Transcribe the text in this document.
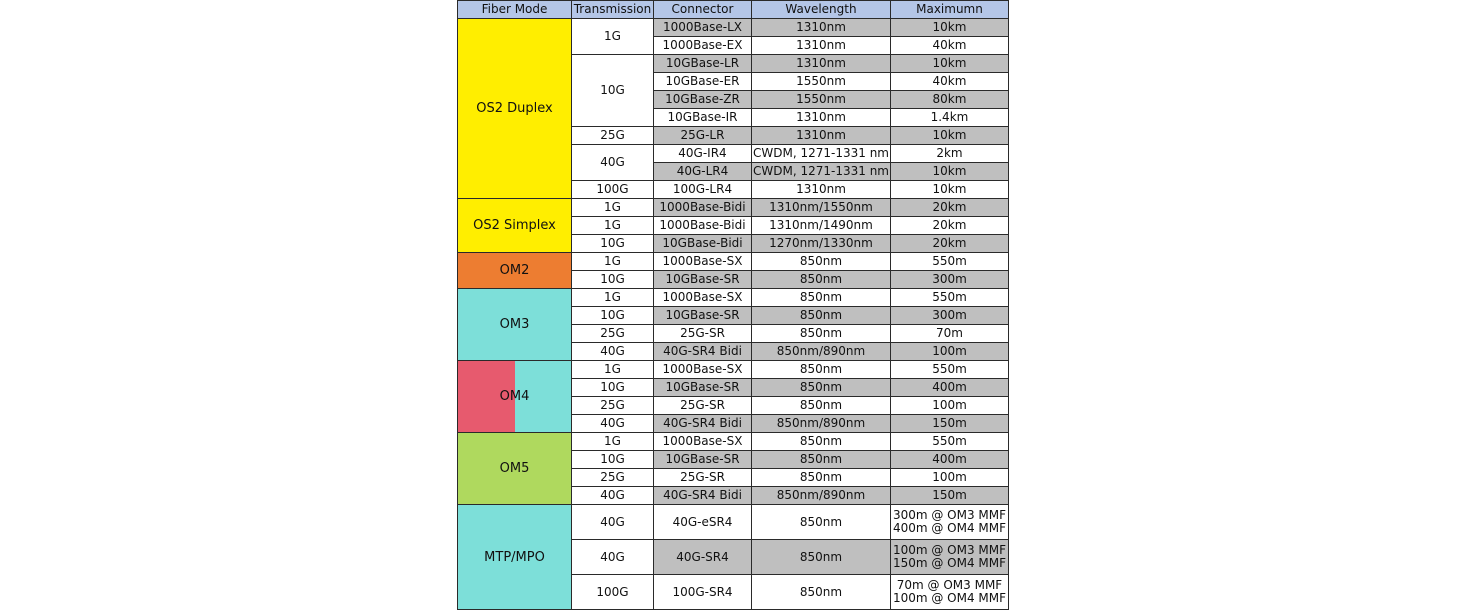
Fiber Mode	Transmission	Connector	Wavelength	Maximumn
OS2 Duplex	1G	1000Base-LX	1310nm	10km
		1000Base-EX	1310nm	40km
	10G	10GBase-LR	1310nm	10km
		10GBase-ER	1550nm	40km
		10GBase-ZR	1550nm	80km
		10GBase-IR	1310nm	1.4km
	25G	25G-LR	1310nm	10km
	40G	40G-IR4	CWDM, 1271-1331 nm	2km
		40G-LR4	CWDM, 1271-1331 nm	10km
	100G	100G-LR4	1310nm	10km
OS2 Simplex	1G	1000Base-Bidi	1310nm/1550nm	20km
	1G	1000Base-Bidi	1310nm/1490nm	20km
	10G	10GBase-Bidi	1270nm/1330nm	20km
OM2	1G	1000Base-SX	850nm	550m
	10G	10GBase-SR	850nm	300m
OM3	1G	1000Base-SX	850nm	550m
	10G	10GBase-SR	850nm	300m
	25G	25G-SR	850nm	70m
	40G	40G-SR4 Bidi	850nm/890nm	100m

OM4	1G	1000Base-SX	850nm	550m
	10G	10GBase-SR	850nm	400m
	25G	25G-SR	850nm	100m
	40G	40G-SR4 Bidi	850nm/890nm	150m
OM5	1G	1000Base-SX	850nm	550m
	10G	10GBase-SR	850nm	400m
	25G	25G-SR	850nm	100m
	40G	40G-SR4 Bidi	850nm/890nm	150m
MTP/MPO	40G	40G-eSR4	850nm	300m @ OM3 MMF
400m @ OM4 MMF

	40G	40G-SR4	850nm	100m @ OM3 MMF
150m @ OM4 MMF

	100G	100G-SR4	850nm	70m @ OM3 MMF
100m @ OM4 MMF
